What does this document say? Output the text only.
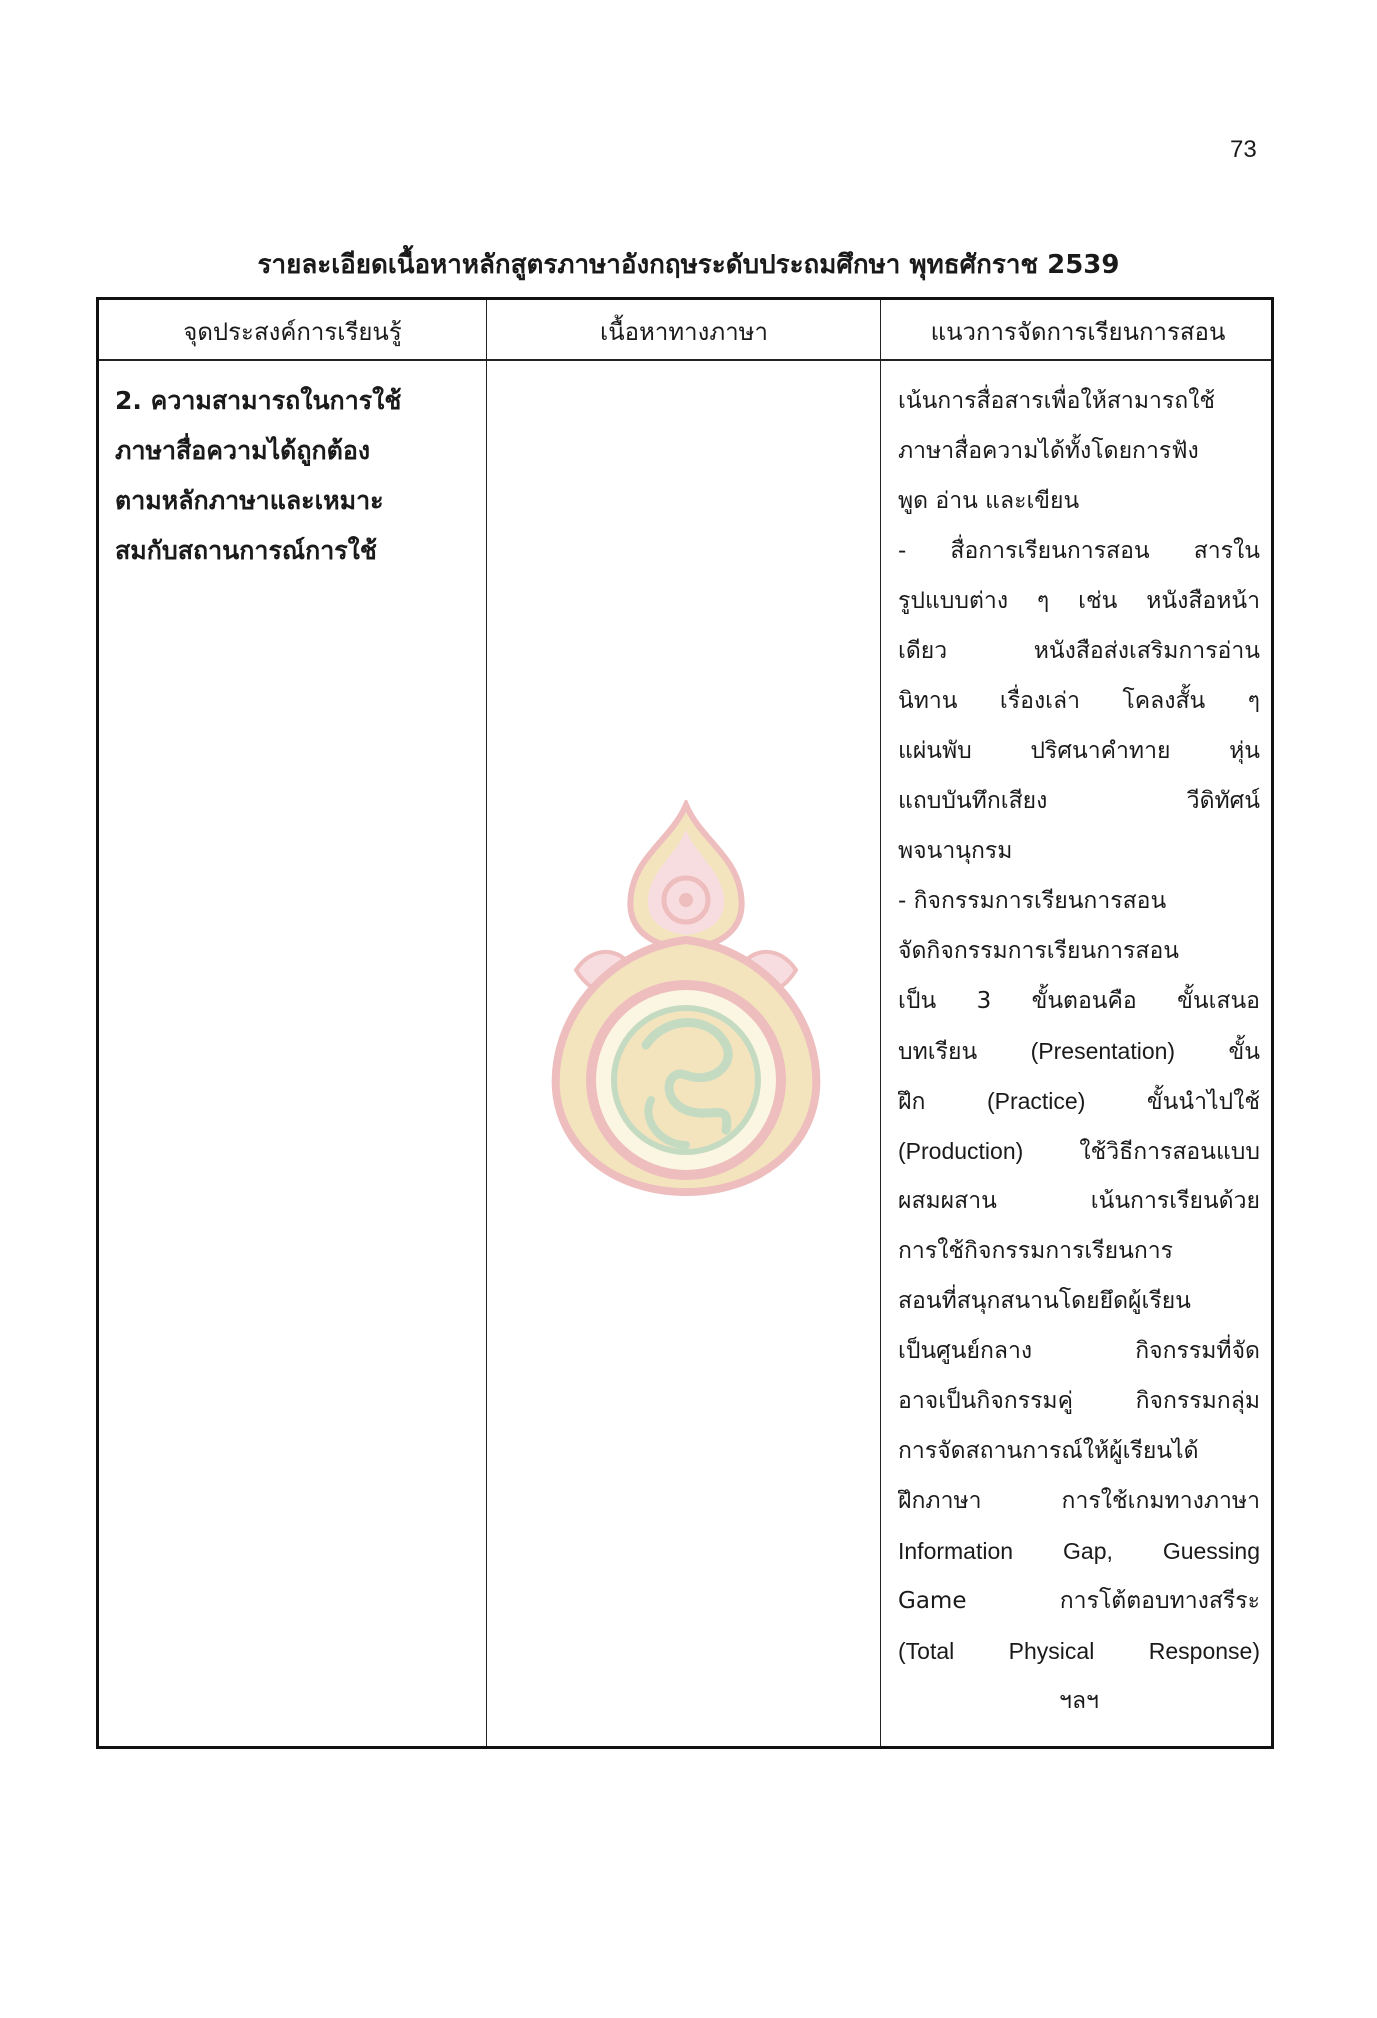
73
รายละเอียดเนื้อหาหลักสูตรภาษาอังกฤษระดับประถมศึกษา พุทธศักราช 2539
จุดประสงค์การเรียนรู้	เนื้อหาทางภาษา	แนวการจัดการเรียนการสอน
2. ความสามารถในการใช้
ภาษาสื่อความได้ถูกต้อง
ตามหลักภาษาและเหมาะ
สมกับสถานการณ์การใช้
เน้นการสื่อสารเพื่อให้สามารถใช้
ภาษาสื่อความได้ทั้งโดยการฟัง
พูด อ่าน และเขียน
- สื่อการเรียนการสอน สารใน
รูปแบบต่าง ๆ เช่น หนังสือหน้า
เดียว หนังสือส่งเสริมการอ่าน
นิทาน เรื่องเล่า โคลงสั้น ๆ
แผ่นพับ ปริศนาคำทาย หุ่น
แถบบันทึกเสียง วีดิทัศน์
พจนานุกรม
- กิจกรรมการเรียนการสอน
จัดกิจกรรมการเรียนการสอน
เป็น 3 ขั้นตอนคือ ขั้นเสนอ
บทเรียน (Presentation) ขั้น
ฝึก (Practice) ขั้นนำไปใช้
(Production) ใช้วิธีการสอนแบบ
ผสมผสาน เน้นการเรียนด้วย
การใช้กิจกรรมการเรียนการ
สอนที่สนุกสนานโดยยึดผู้เรียน
เป็นศูนย์กลาง กิจกรรมที่จัด
อาจเป็นกิจกรรมคู่ กิจกรรมกลุ่ม
การจัดสถานการณ์ให้ผู้เรียนได้
ฝึกภาษา การใช้เกมทางภาษา
Information Gap, Guessing
Game การโต้ตอบทางสรีระ
(Total Physical Response)
ฯลฯ
